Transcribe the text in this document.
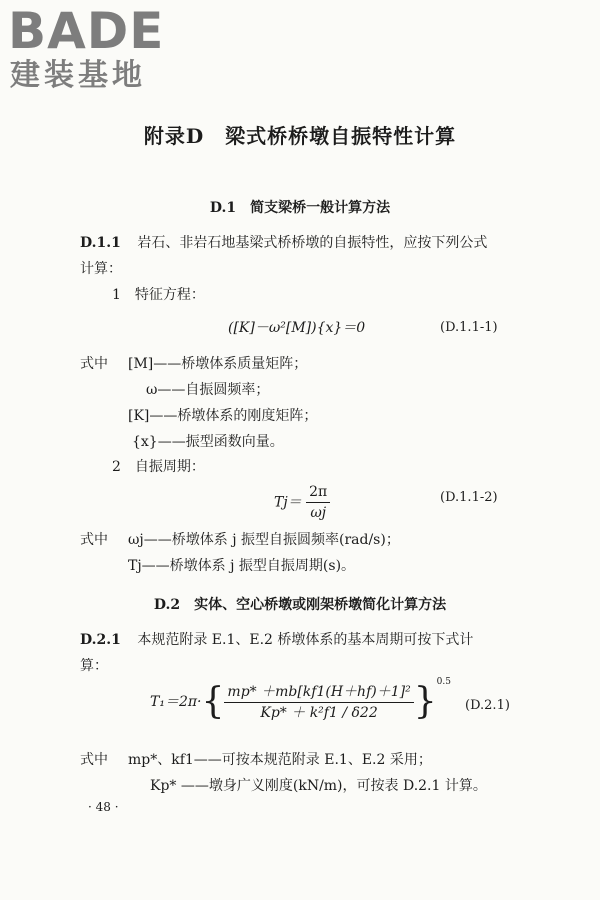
BADE
建装基地
附录D　梁式桥桥墩自振特性计算
D.1　简支梁桥一般计算方法
D.1.1 岩石、非岩石地基梁式桥桥墩的自振特性，应按下列公式
计算：
1　特征方程：
([K]－ω²[M]){x}＝0	(D.1.1-1)
式中 [M]——桥墩体系质量矩阵；
ω——自振圆频率；
[K]——桥墩体系的刚度矩阵；
{x}——振型函数向量。
2　自振周期：
$Tj= \frac{2\pi}{\omega j}$	(D.1.1-2)
式中 ωj——桥墩体系 j 振型自振圆频率(rad/s)；
Tj——桥墩体系 j 振型自振周期(s)。
D.2　实体、空心桥墩或刚架桥墩简化计算方法
D.2.1 本规范附录 E.1、E.2 桥墩体系的基本周期可按下式计
算：
$T_1=2\pi\cdot\{ \frac{\text{mp* ＋mb[kf1(H＋hf)＋1]²}}{\text{Kp* ＋ k²f1 / δ22}} \}^{0.5}$
(D.2.1)
式中 mp*、kf1——可按本规范附录 E.1、E.2 采用；
Kp* ——墩身广义刚度(kN/m)，可按表 D.2.1 计算。
· 48 ·
